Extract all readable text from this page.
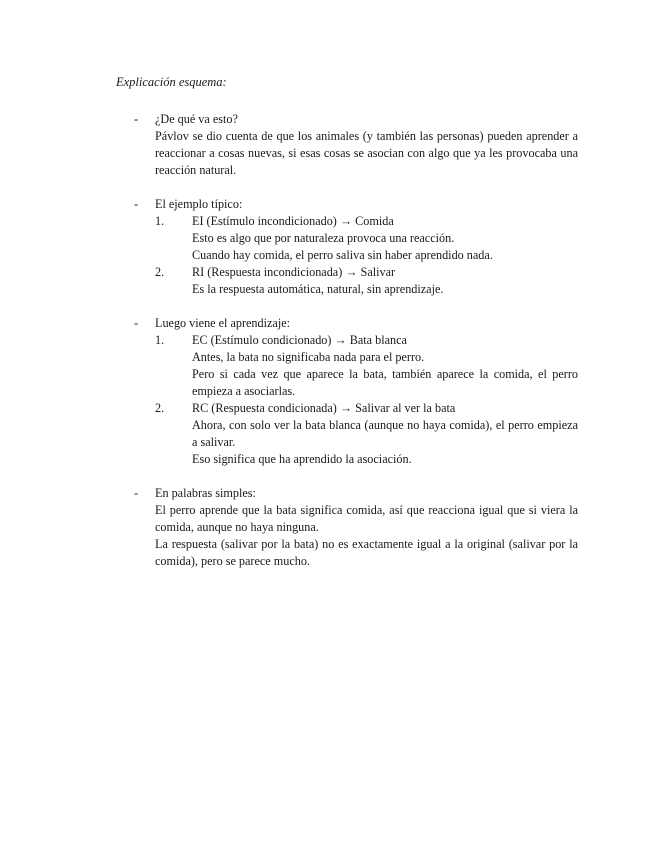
Explicación esquema:
- ¿De qué va esto?
Pávlov se dio cuenta de que los animales (y también las personas) pueden aprender a reaccionar a cosas nuevas, si esas cosas se asocian con algo que ya les provocaba una reacción natural.
- El ejemplo típico:
1. EI (Estímulo incondicionado) → Comida
Esto es algo que por naturaleza provoca una reacción.
Cuando hay comida, el perro saliva sin haber aprendido nada.
2. RI (Respuesta incondicionada) → Salivar
Es la respuesta automática, natural, sin aprendizaje.
- Luego viene el aprendizaje:
1. EC (Estímulo condicionado) → Bata blanca
Antes, la bata no significaba nada para el perro.
Pero si cada vez que aparece la bata, también aparece la comida, el perro empieza a asociarlas.
2. RC (Respuesta condicionada) → Salivar al ver la bata
Ahora, con solo ver la bata blanca (aunque no haya comida), el perro empieza a salivar.
Eso significa que ha aprendido la asociación.
- En palabras simples:
El perro aprende que la bata significa comida, así que reacciona igual que si viera la comida, aunque no haya ninguna.
La respuesta (salivar por la bata) no es exactamente igual a la original (salivar por la comida), pero se parece mucho.
